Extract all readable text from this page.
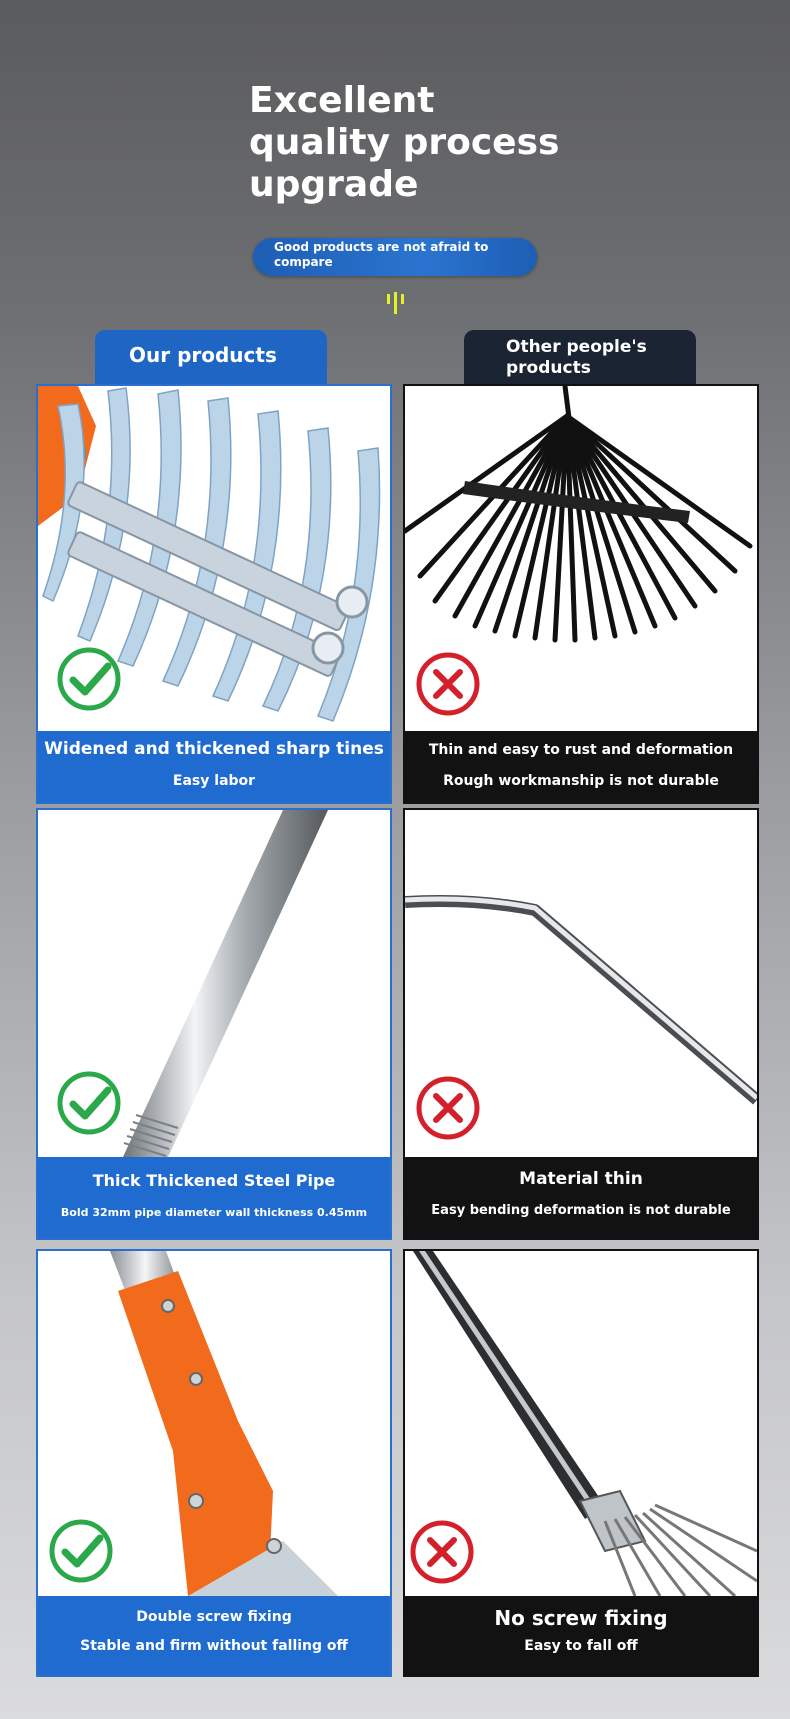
Excellent
quality process
upgrade
Good products are not afraid to compare
Our products	Other people's products
Widened and thickened sharp tines
Easy labor
Thin and easy to rust and deformation
Rough workmanship is not durable
Thick Thickened Steel Pipe
Bold 32mm pipe diameter wall thickness 0.45mm
Material thin
Easy bending deformation is not durable
Double screw fixing
Stable and firm without falling off
No screw fixing
Easy to fall off
